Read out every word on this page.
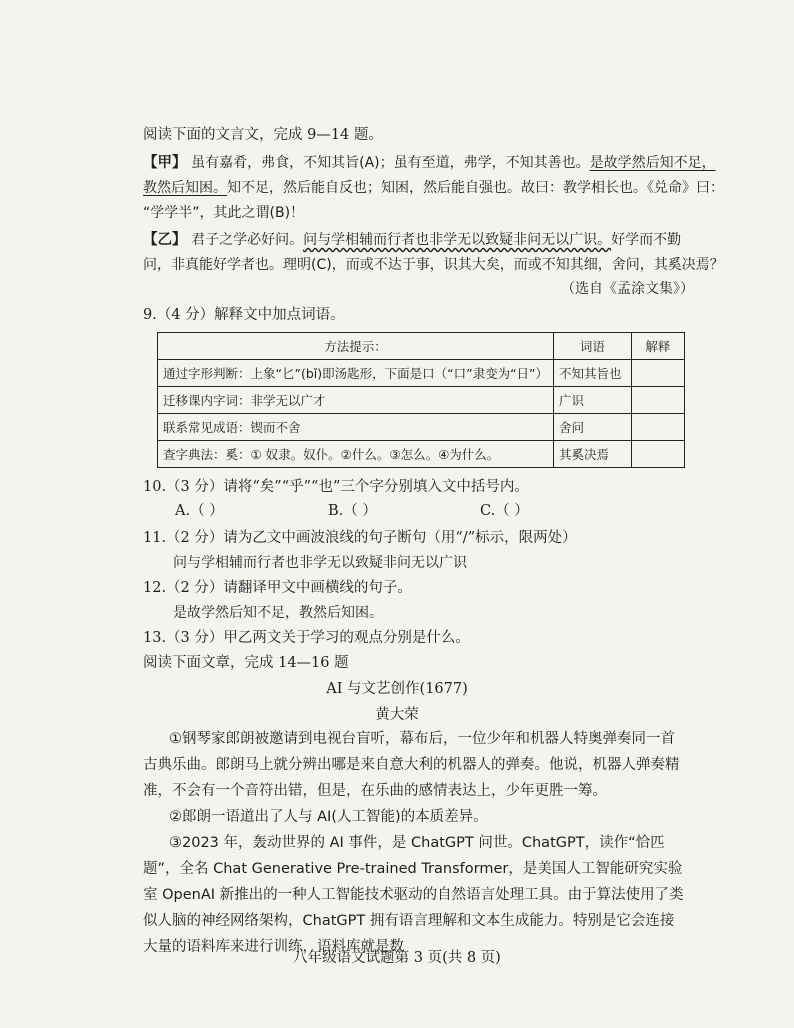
阅读下面的文言文，完成 9—14 题。
【甲】 虽有嘉肴，弗食，不知其旨(A)；虽有至道，弗学，不知其善也。是故学然后知不足，
教然后知困。知不足，然后能自反也；知困，然后能自强也。故曰：教学相长也。《兑命》曰：
“学学半”，其此之谓(B)！
【乙】 君子之学必好问。问与学相辅而行者也非学无以致疑非问无以广识。好学而不勤
问，非真能好学者也。理明(C)，而或不达于事，识其大矣，而或不知其细，舍问，其奚决焉？
（选自《孟涂文集》）
9.（4 分）解释文中加点词语。
方法提示：	词语	解释
通过字形判断：上象“匕”(bǐ)即汤匙形，下面是口（“口”隶变为“日”）	不知其旨也	
迁移课内字词：非学无以广才	广识	
联系常见成语：锲而不舍	舍问	
查字典法：奚：① 奴隶。奴仆。②什么。③怎么。④为什么。	其奚决焉	
10.（3 分）请将“矣”“乎”“也”三个字分别填入文中括号内。
A.（ ）	B.（ ）	C.（ ）
11.（2 分）请为乙文中画波浪线的句子断句（用“/”标示，限两处）
问与学相辅而行者也非学无以致疑非问无以广识
12.（2 分）请翻译甲文中画横线的句子。
是故学然后知不足，教然后知困。
13.（3 分）甲乙两文关于学习的观点分别是什么。
阅读下面文章，完成 14—16 题
AI 与文艺创作(1677)
黄大荣
①钢琴家郎朗被邀请到电视台盲听，幕布后，一位少年和机器人特奥弹奏同一首古典乐曲。郎朗马上就分辨出哪是来自意大利的机器人的弹奏。他说，机器人弹奏精准，不会有一个音符出错，但是，在乐曲的感情表达上，少年更胜一筹。
②郎朗一语道出了人与 AI(人工智能)的本质差异。
③2023 年，轰动世界的 AI 事件，是 ChatGPT 问世。ChatGPT，读作“恰匹题”，全名 Chat Generative Pre-trained Transformer，是美国人工智能研究实验室 OpenAI 新推出的一种人工智能技术驱动的自然语言处理工具。由于算法使用了类似人脑的神经网络架构，ChatGPT 拥有语言理解和文本生成能力。特别是它会连接大量的语料库来进行训练，语料库就是数
八年级语文试题第 3 页(共 8 页)
